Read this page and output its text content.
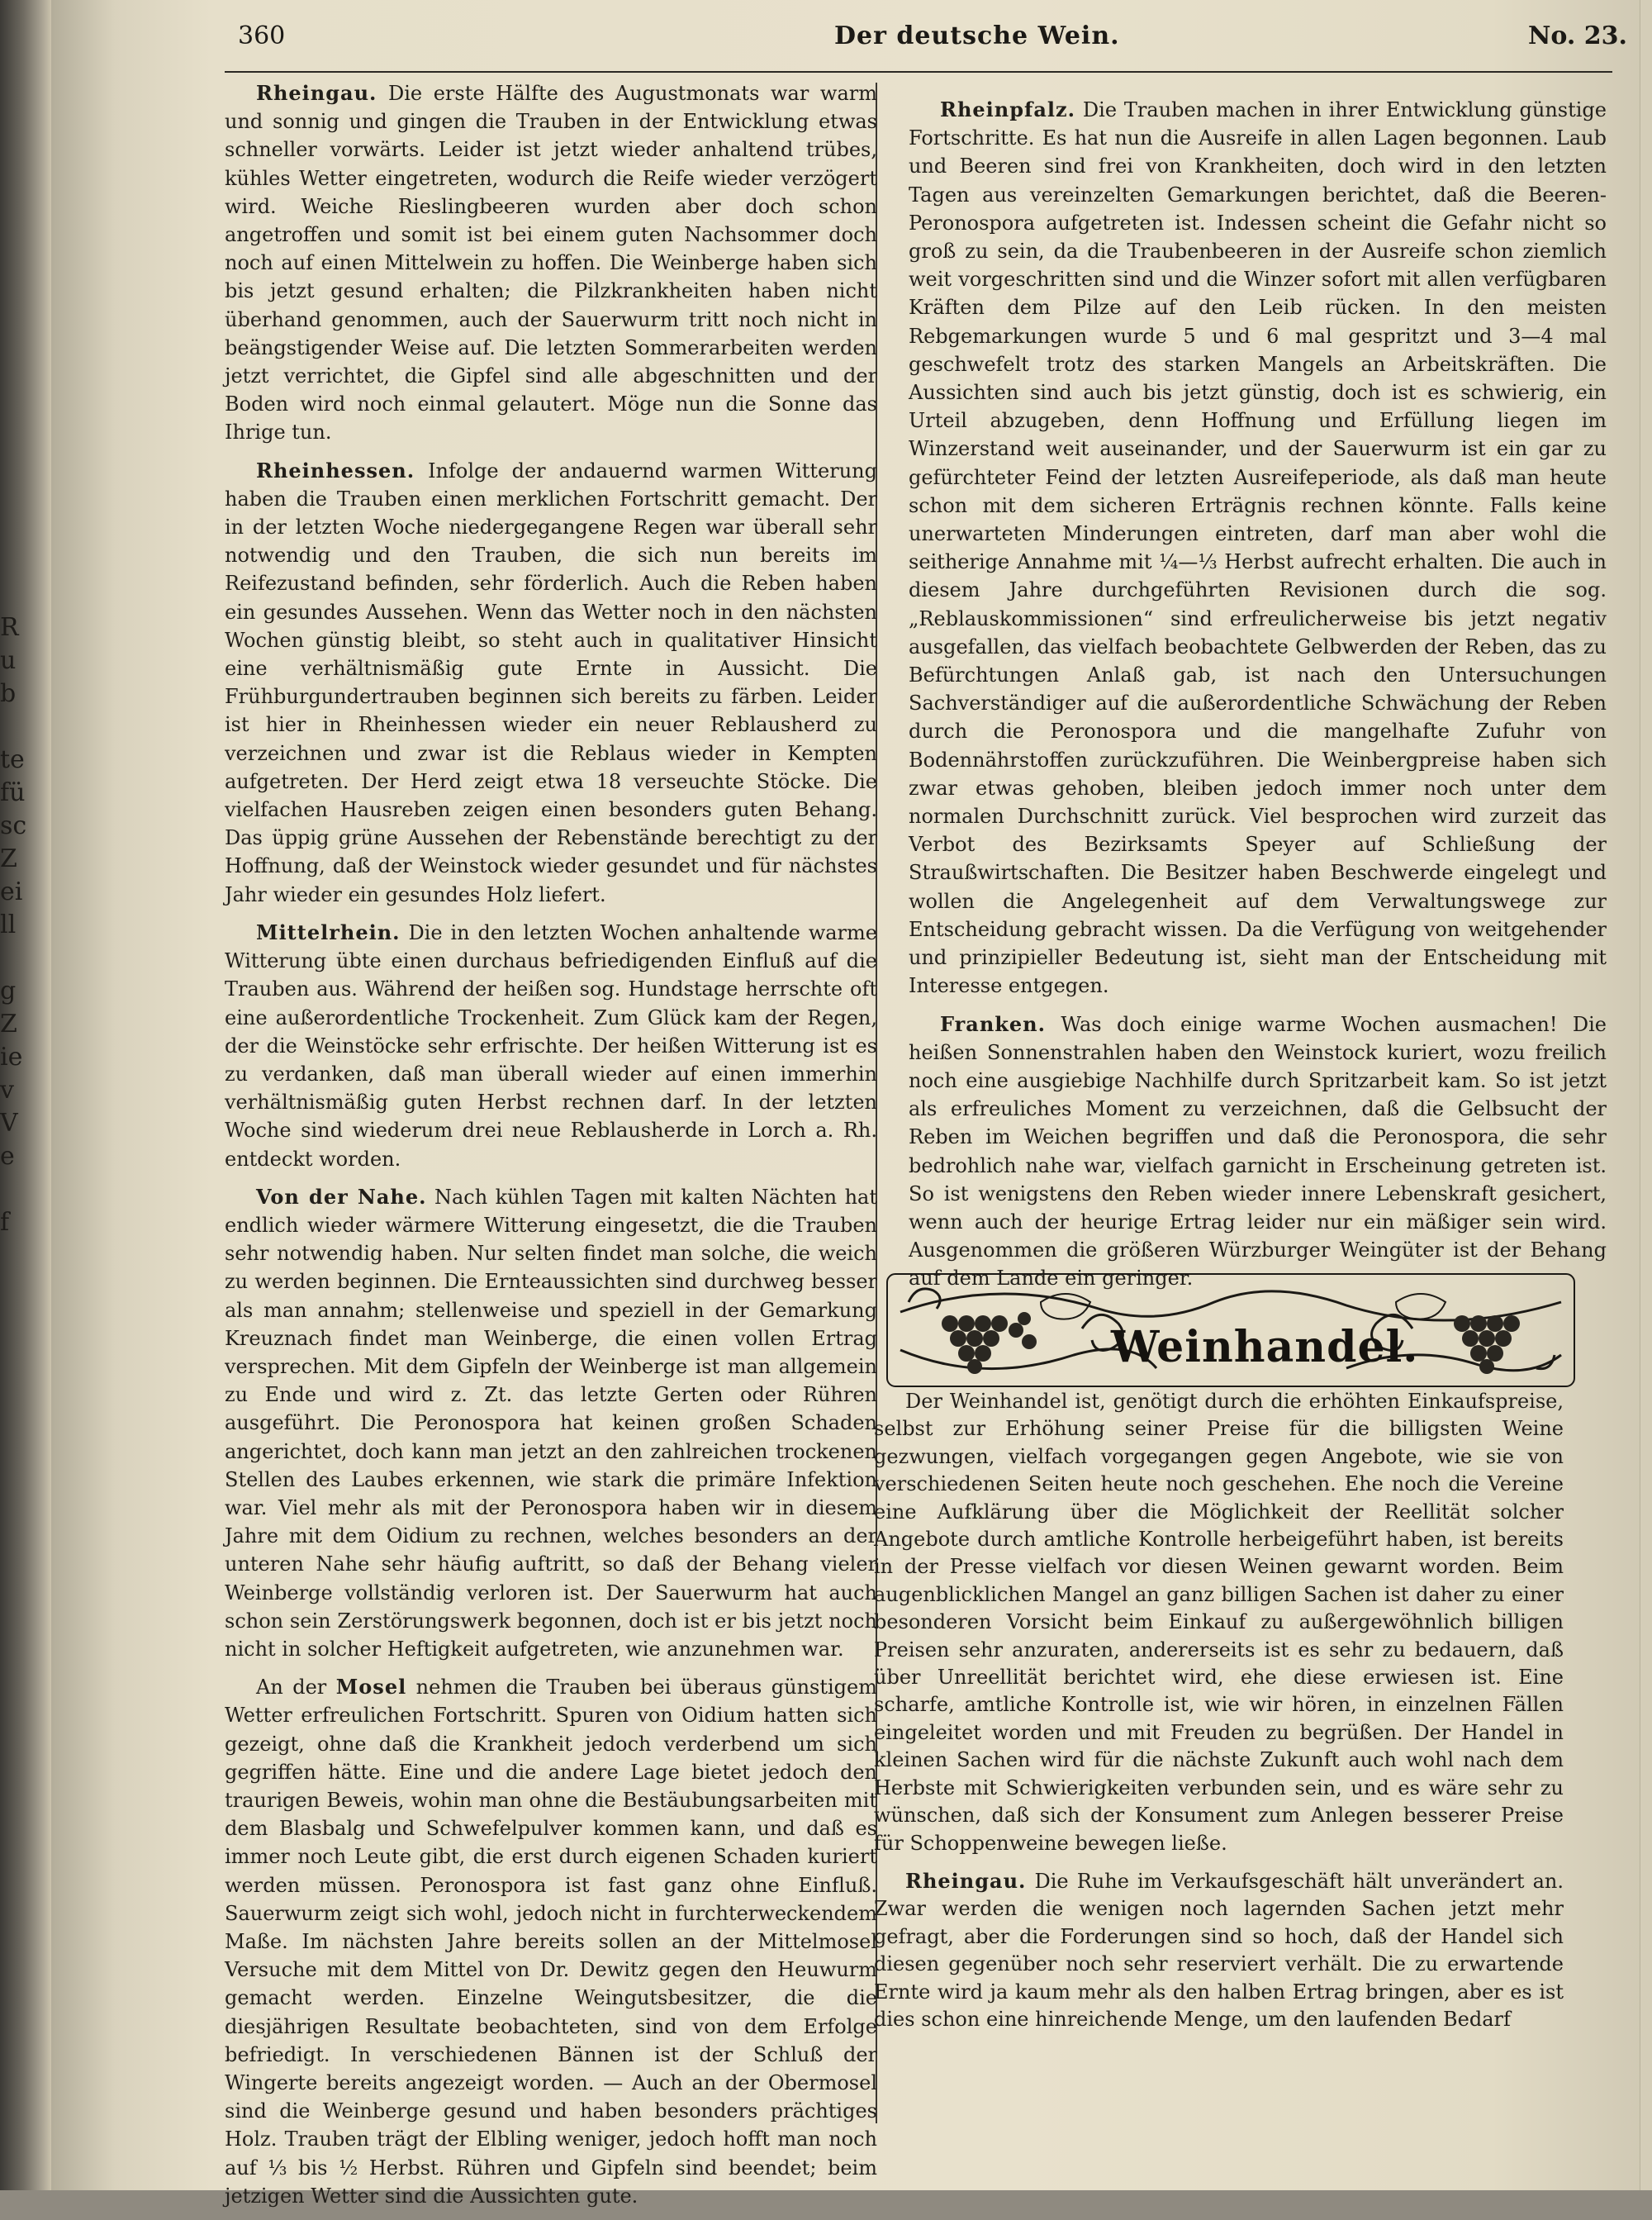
R
u
b
te
fü
sc
Z
ei
ll
g
Z
ie
v
V
e
f
360	Der deutsche Wein.	No. 23.

Rheingau. Die erste Hälfte des Augustmonats war warm und sonnig und gingen die Trauben in der Entwicklung etwas schneller vorwärts. Leider ist jetzt wieder anhaltend trübes, kühles Wetter eingetreten, wodurch die Reife wieder verzögert wird. Weiche Rieslingbeeren wurden aber doch schon angetroffen und somit ist bei einem guten Nachsommer doch noch auf einen Mittelwein zu hoffen. Die Weinberge haben sich bis jetzt gesund erhalten; die Pilzkrankheiten haben nicht überhand genommen, auch der Sauerwurm tritt noch nicht in beängstigender Weise auf. Die letzten Sommerarbeiten werden jetzt verrichtet, die Gipfel sind alle abgeschnitten und der Boden wird noch einmal gelautert. Möge nun die Sonne das Ihrige tun.

Rheinhessen. Infolge der andauernd warmen Witterung haben die Trauben einen merklichen Fortschritt gemacht. Der in der letzten Woche niedergegangene Regen war überall sehr notwendig und den Trauben, die sich nun bereits im Reifezustand befinden, sehr förderlich. Auch die Reben haben ein gesundes Aussehen. Wenn das Wetter noch in den nächsten Wochen günstig bleibt, so steht auch in qualitativer Hinsicht eine verhältnismäßig gute Ernte in Aussicht. Die Frühburgundertrauben beginnen sich bereits zu färben. Leider ist hier in Rheinhessen wieder ein neuer Reblausherd zu verzeichnen und zwar ist die Reblaus wieder in Kempten aufgetreten. Der Herd zeigt etwa 18 verseuchte Stöcke. Die vielfachen Hausreben zeigen einen besonders guten Behang. Das üppig grüne Aussehen der Rebenstände berechtigt zu der Hoffnung, daß der Weinstock wieder gesundet und für nächstes Jahr wieder ein gesundes Holz liefert.

Mittelrhein. Die in den letzten Wochen anhaltende warme Witterung übte einen durchaus befriedigenden Einfluß auf die Trauben aus. Während der heißen sog. Hundstage herrschte oft eine außerordentliche Trockenheit. Zum Glück kam der Regen, der die Weinstöcke sehr erfrischte. Der heißen Witterung ist es zu verdanken, daß man überall wieder auf einen immerhin verhältnismäßig guten Herbst rechnen darf. In der letzten Woche sind wiederum drei neue Reblausherde in Lorch a. Rh. entdeckt worden.

Von der Nahe. Nach kühlen Tagen mit kalten Nächten hat endlich wieder wärmere Witterung eingesetzt, die die Trauben sehr notwendig haben. Nur selten findet man solche, die weich zu werden beginnen. Die Ernteaussichten sind durchweg besser als man annahm; stellenweise und speziell in der Gemarkung Kreuznach findet man Weinberge, die einen vollen Ertrag versprechen. Mit dem Gipfeln der Weinberge ist man allgemein zu Ende und wird z. Zt. das letzte Gerten oder Rühren ausgeführt. Die Peronospora hat keinen großen Schaden angerichtet, doch kann man jetzt an den zahlreichen trockenen Stellen des Laubes erkennen, wie stark die primäre Infektion war. Viel mehr als mit der Peronospora haben wir in diesem Jahre mit dem Oidium zu rechnen, welches besonders an der unteren Nahe sehr häufig auftritt, so daß der Behang vieler Weinberge vollständig verloren ist. Der Sauerwurm hat auch schon sein Zerstörungswerk begonnen, doch ist er bis jetzt noch nicht in solcher Heftigkeit aufgetreten, wie anzunehmen war.

An der Mosel nehmen die Trauben bei überaus günstigem Wetter erfreulichen Fortschritt. Spuren von Oidium hatten sich gezeigt, ohne daß die Krankheit jedoch verderbend um sich gegriffen hätte. Eine und die andere Lage bietet jedoch den traurigen Beweis, wohin man ohne die Bestäubungsarbeiten mit dem Blasbalg und Schwefelpulver kommen kann, und daß es immer noch Leute gibt, die erst durch eigenen Schaden kuriert werden müssen. Peronospora ist fast ganz ohne Einfluß. Sauerwurm zeigt sich wohl, jedoch nicht in furchterweckendem Maße. Im nächsten Jahre bereits sollen an der Mittelmosel Versuche mit dem Mittel von Dr. Dewitz gegen den Heuwurm gemacht werden. Einzelne Weingutsbesitzer, die die diesjährigen Resultate beobachteten, sind von dem Erfolge befriedigt. In verschiedenen Bännen ist der Schluß der Wingerte bereits angezeigt worden. — Auch an der Obermosel sind die Weinberge gesund und haben besonders prächtiges Holz. Trauben trägt der Elbling weniger, jedoch hofft man noch auf ⅓ bis ½ Herbst. Rühren und Gipfeln sind beendet; beim jetzigen Wetter sind die Aussichten gute.

Rheinpfalz. Die Trauben machen in ihrer Entwicklung günstige Fortschritte. Es hat nun die Ausreife in allen Lagen begonnen. Laub und Beeren sind frei von Krankheiten, doch wird in den letzten Tagen aus vereinzelten Gemarkungen berichtet, daß die Beeren-Peronospora aufgetreten ist. Indessen scheint die Gefahr nicht so groß zu sein, da die Traubenbeeren in der Ausreife schon ziemlich weit vorgeschritten sind und die Winzer sofort mit allen verfügbaren Kräften dem Pilze auf den Leib rücken. In den meisten Rebgemarkungen wurde 5 und 6 mal gespritzt und 3—4 mal geschwefelt trotz des starken Mangels an Arbeitskräften. Die Aussichten sind auch bis jetzt günstig, doch ist es schwierig, ein Urteil abzugeben, denn Hoffnung und Erfüllung liegen im Winzerstand weit auseinander, und der Sauerwurm ist ein gar zu gefürchteter Feind der letzten Ausreifeperiode, als daß man heute schon mit dem sicheren Erträgnis rechnen könnte. Falls keine unerwarteten Minderungen eintreten, darf man aber wohl die seitherige Annahme mit ¼—⅓ Herbst aufrecht erhalten. Die auch in diesem Jahre durchgeführten Revisionen durch die sog. „Reblauskommissionen“ sind erfreulicherweise bis jetzt negativ ausgefallen, das vielfach beobachtete Gelbwerden der Reben, das zu Befürchtungen Anlaß gab, ist nach den Untersuchungen Sachverständiger auf die außerordentliche Schwächung der Reben durch die Peronospora und die mangelhafte Zufuhr von Bodennährstoffen zurückzuführen. Die Weinbergpreise haben sich zwar etwas gehoben, bleiben jedoch immer noch unter dem normalen Durchschnitt zurück. Viel besprochen wird zurzeit das Verbot des Bezirksamts Speyer auf Schließung der Straußwirtschaften. Die Besitzer haben Beschwerde eingelegt und wollen die Angelegenheit auf dem Verwaltungswege zur Entscheidung gebracht wissen. Da die Verfügung von weitgehender und prinzipieller Bedeutung ist, sieht man der Entscheidung mit Interesse entgegen.

Franken. Was doch einige warme Wochen ausmachen! Die heißen Sonnenstrahlen haben den Weinstock kuriert, wozu freilich noch eine ausgiebige Nachhilfe durch Spritzarbeit kam. So ist jetzt als erfreuliches Moment zu verzeichnen, daß die Gelbsucht der Reben im Weichen begriffen und daß die Peronospora, die sehr bedrohlich nahe war, vielfach garnicht in Erscheinung getreten ist. So ist wenigstens den Reben wieder innere Lebenskraft gesichert, wenn auch der heurige Ertrag leider nur ein mäßiger sein wird. Ausgenommen die größeren Würzburger Weingüter ist der Behang auf dem Lande ein geringer.

Weinhandel.

Der Weinhandel ist, genötigt durch die erhöhten Einkaufspreise, selbst zur Erhöhung seiner Preise für die billigsten Weine gezwungen, vielfach vorgegangen gegen Angebote, wie sie von verschiedenen Seiten heute noch geschehen. Ehe noch die Vereine eine Aufklärung über die Möglichkeit der Reellität solcher Angebote durch amtliche Kontrolle herbeigeführt haben, ist bereits in der Presse vielfach vor diesen Weinen gewarnt worden. Beim augenblicklichen Mangel an ganz billigen Sachen ist daher zu einer besonderen Vorsicht beim Einkauf zu außergewöhnlich billigen Preisen sehr anzuraten, andererseits ist es sehr zu bedauern, daß über Unreellität berichtet wird, ehe diese erwiesen ist. Eine scharfe, amtliche Kontrolle ist, wie wir hören, in einzelnen Fällen eingeleitet worden und mit Freuden zu begrüßen. Der Handel in kleinen Sachen wird für die nächste Zukunft auch wohl nach dem Herbste mit Schwierigkeiten verbunden sein, und es wäre sehr zu wünschen, daß sich der Konsument zum Anlegen besserer Preise für Schoppenweine bewegen ließe.

Rheingau. Die Ruhe im Verkaufsgeschäft hält unverändert an. Zwar werden die wenigen noch lagernden Sachen jetzt mehr gefragt, aber die Forderungen sind so hoch, daß der Handel sich diesen gegenüber noch sehr reserviert verhält. Die zu erwartende Ernte wird ja kaum mehr als den halben Ertrag bringen, aber es ist dies schon eine hinreichende Menge, um den laufenden Bedarf
